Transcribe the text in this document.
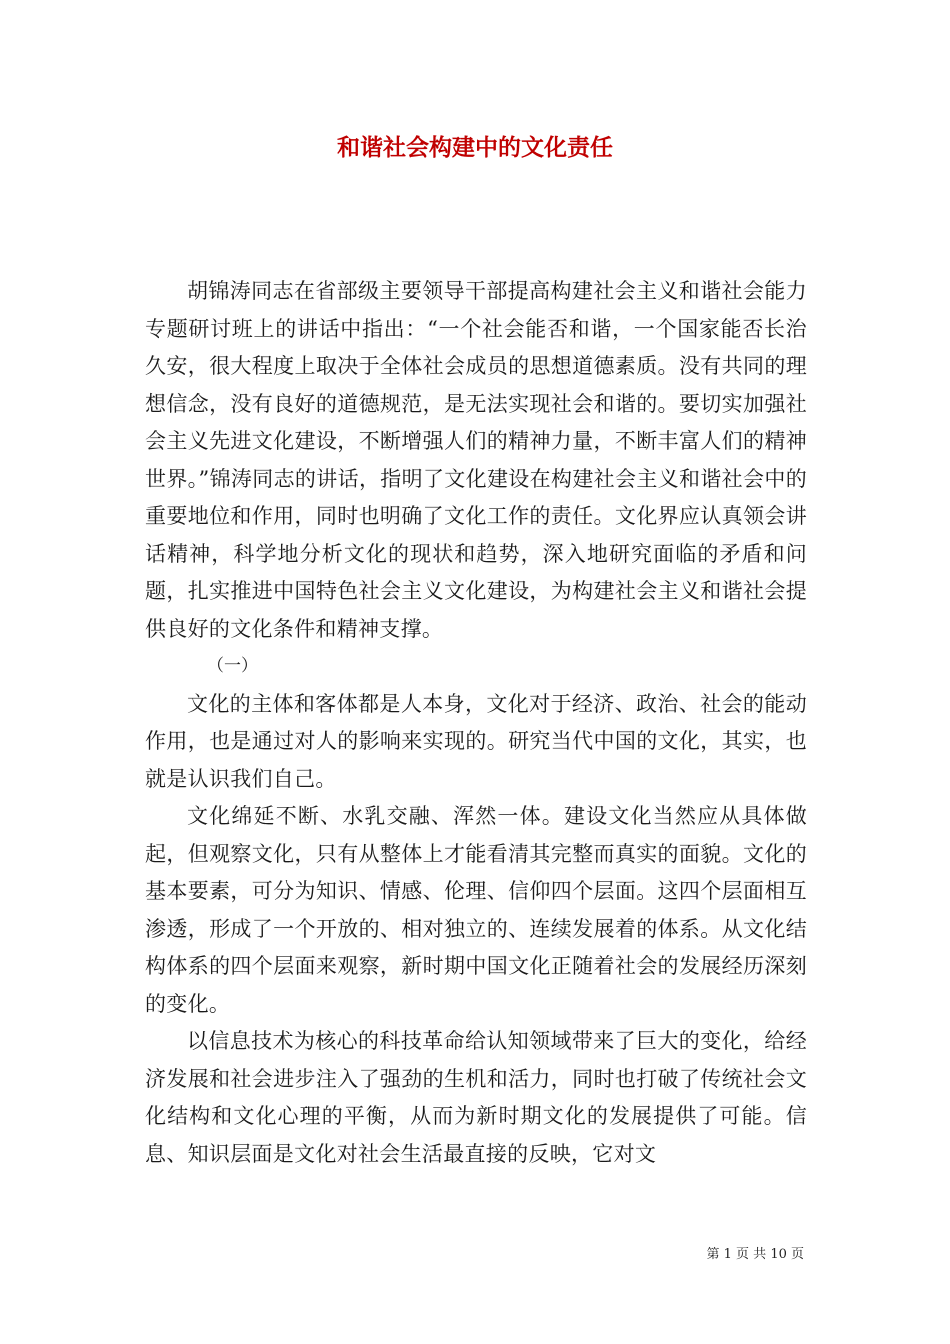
和谐社会构建中的文化责任

胡锦涛同志在省部级主要领导干部提高构建社会主义和谐社会能力专题研讨班上的讲话中指出：“一个社会能否和谐，一个国家能否长治久安，很大程度上取决于全体社会成员的思想道德素质。没有共同的理想信念，没有良好的道德规范，是无法实现社会和谐的。要切实加强社会主义先进文化建设，不断增强人们的精神力量，不断丰富人们的精神世界。”锦涛同志的讲话，指明了文化建设在构建社会主义和谐社会中的重要地位和作用，同时也明确了文化工作的责任。文化界应认真领会讲话精神，科学地分析文化的现状和趋势，深入地研究面临的矛盾和问题，扎实推进中国特色社会主义文化建设，为构建社会主义和谐社会提供良好的文化条件和精神支撑。

（一）

文化的主体和客体都是人本身，文化对于经济、政治、社会的能动作用，也是通过对人的影响来实现的。研究当代中国的文化，其实，也就是认识我们自己。

文化绵延不断、水乳交融、浑然一体。建设文化当然应从具体做起，但观察文化，只有从整体上才能看清其完整而真实的面貌。文化的基本要素，可分为知识、情感、伦理、信仰四个层面。这四个层面相互渗透，形成了一个开放的、相对独立的、连续发展着的体系。从文化结构体系的四个层面来观察，新时期中国文化正随着社会的发展经历深刻的变化。

以信息技术为核心的科技革命给认知领域带来了巨大的变化，给经济发展和社会进步注入了强劲的生机和活力，同时也打破了传统社会文化结构和文化心理的平衡，从而为新时期文化的发展提供了可能。信息、知识层面是文化对社会生活最直接的反映，它对文

第 1 页 共 10 页
